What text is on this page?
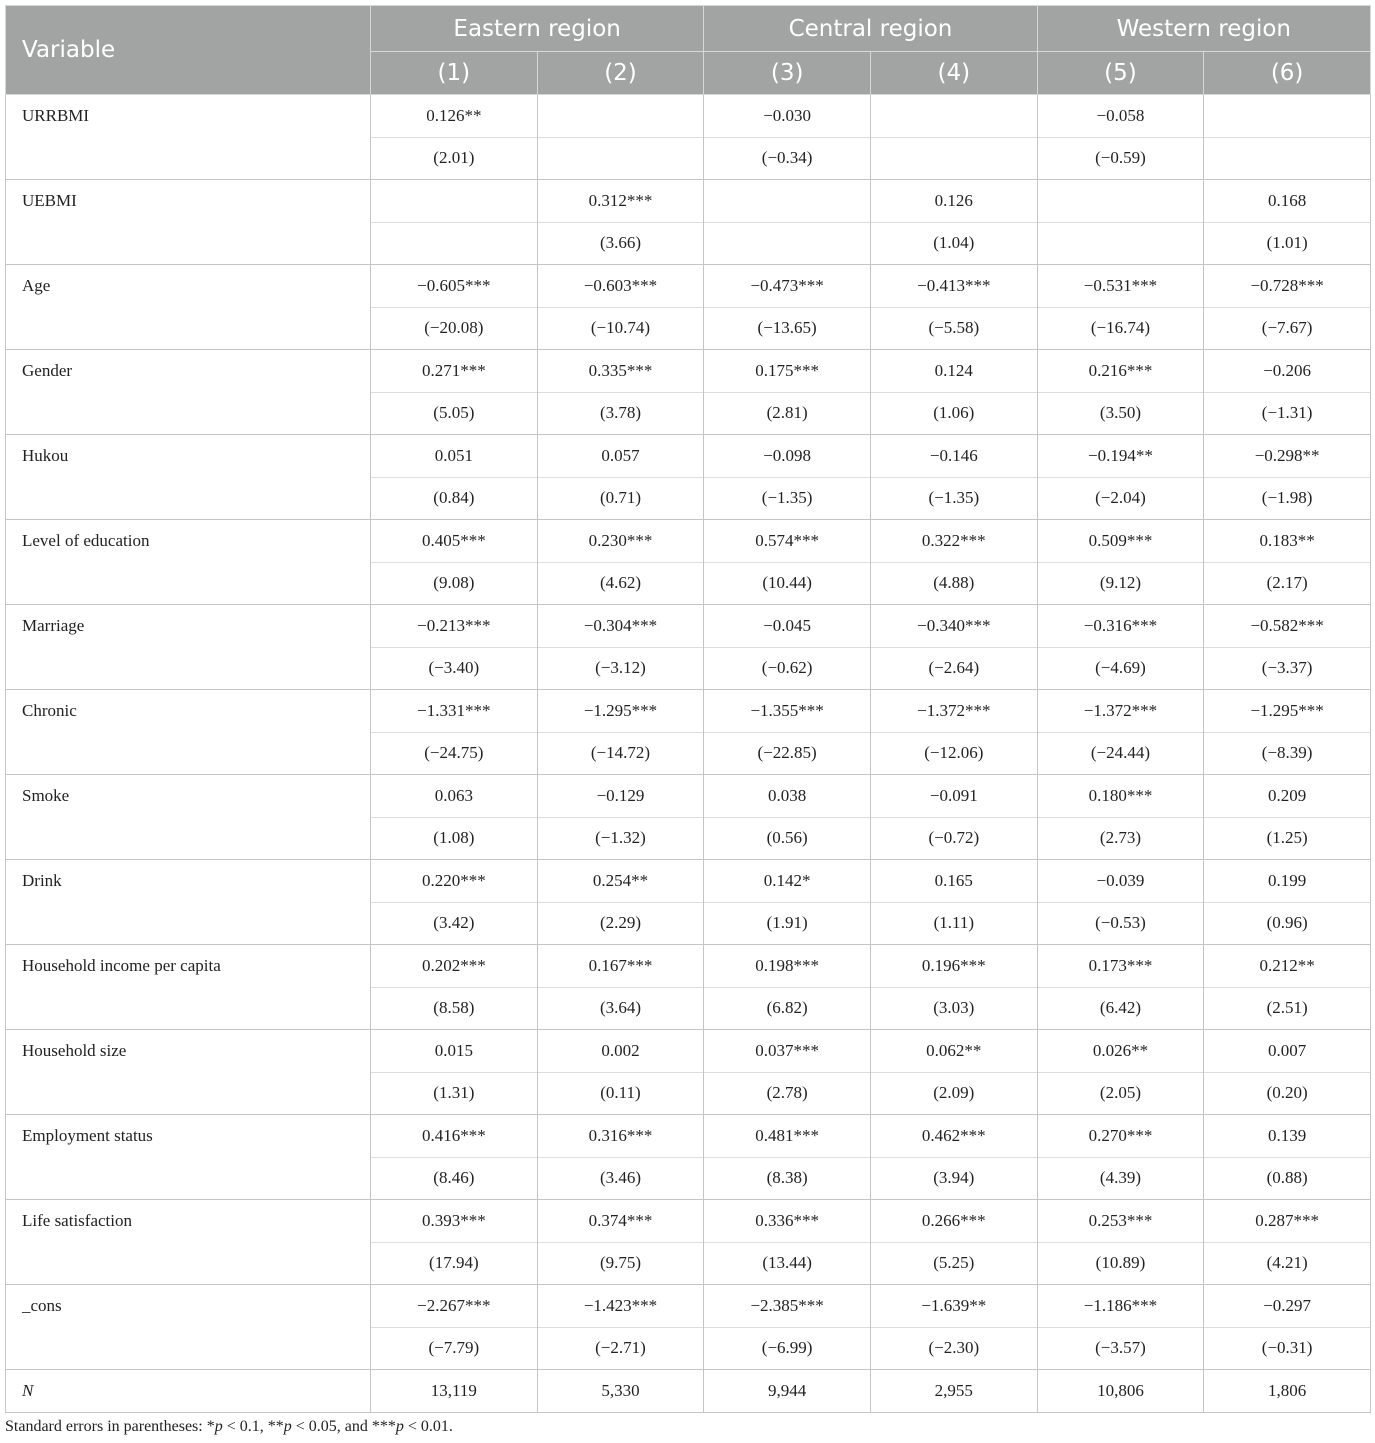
Variable	Eastern region		Central region		Western region	
	(1)	(2)	(3)	(4)	(5)	(6)
URRBMI	0.126**		−0.030		−0.058	
	(2.01)		(−0.34)		(−0.59)	
UEBMI		0.312***		0.126		0.168
		(3.66)		(1.04)		(1.01)
Age	−0.605***	−0.603***	−0.473***	−0.413***	−0.531***	−0.728***
	(−20.08)	(−10.74)	(−13.65)	(−5.58)	(−16.74)	(−7.67)
Gender	0.271***	0.335***	0.175***	0.124	0.216***	−0.206
	(5.05)	(3.78)	(2.81)	(1.06)	(3.50)	(−1.31)
Hukou	0.051	0.057	−0.098	−0.146	−0.194**	−0.298**
	(0.84)	(0.71)	(−1.35)	(−1.35)	(−2.04)	(−1.98)
Level of education	0.405***	0.230***	0.574***	0.322***	0.509***	0.183**
	(9.08)	(4.62)	(10.44)	(4.88)	(9.12)	(2.17)
Marriage	−0.213***	−0.304***	−0.045	−0.340***	−0.316***	−0.582***
	(−3.40)	(−3.12)	(−0.62)	(−2.64)	(−4.69)	(−3.37)
Chronic	−1.331***	−1.295***	−1.355***	−1.372***	−1.372***	−1.295***
	(−24.75)	(−14.72)	(−22.85)	(−12.06)	(−24.44)	(−8.39)
Smoke	0.063	−0.129	0.038	−0.091	0.180***	0.209
	(1.08)	(−1.32)	(0.56)	(−0.72)	(2.73)	(1.25)
Drink	0.220***	0.254**	0.142*	0.165	−0.039	0.199
	(3.42)	(2.29)	(1.91)	(1.11)	(−0.53)	(0.96)
Household income per capita	0.202***	0.167***	0.198***	0.196***	0.173***	0.212**
	(8.58)	(3.64)	(6.82)	(3.03)	(6.42)	(2.51)
Household size	0.015	0.002	0.037***	0.062**	0.026**	0.007
	(1.31)	(0.11)	(2.78)	(2.09)	(2.05)	(0.20)
Employment status	0.416***	0.316***	0.481***	0.462***	0.270***	0.139
	(8.46)	(3.46)	(8.38)	(3.94)	(4.39)	(0.88)
Life satisfaction	0.393***	0.374***	0.336***	0.266***	0.253***	0.287***
	(17.94)	(9.75)	(13.44)	(5.25)	(10.89)	(4.21)
_cons	−2.267***	−1.423***	−2.385***	−1.639**	−1.186***	−0.297
	(−7.79)	(−2.71)	(−6.99)	(−2.30)	(−3.57)	(−0.31)
N	13,119	5,330	9,944	2,955	10,806	1,806
Standard errors in parentheses: *p < 0.1, **p < 0.05, and ***p < 0.01.
